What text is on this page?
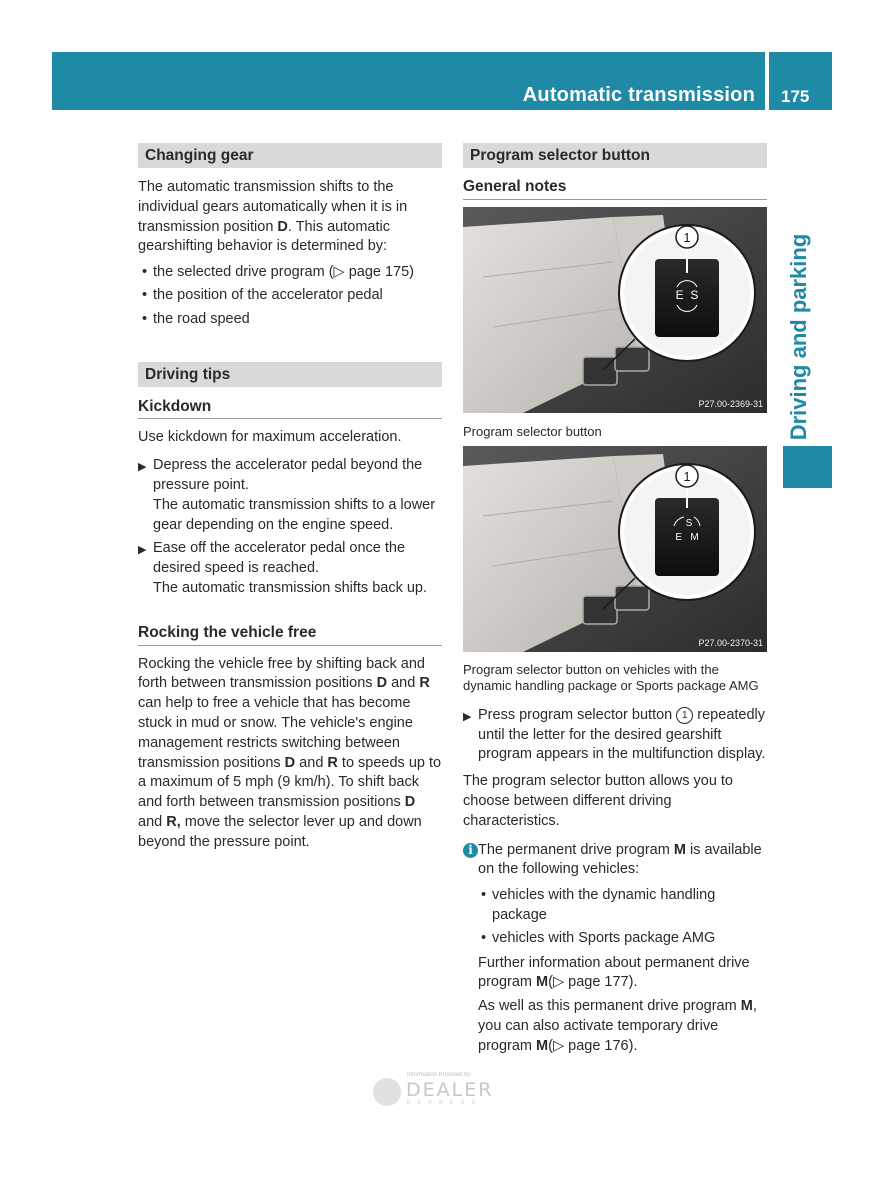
Automatic transmission 175
Driving and parking
Changing gear

The automatic transmission shifts to the individual gears automatically when it is in transmission position D. This automatic gearshifting behavior is determined by:

• the selected drive program (▷ page 175)
• the position of the accelerator pedal
• the road speed
Driving tips
Kickdown

Use kickdown for maximum acceleration.

▶ Depress the accelerator pedal beyond the pressure point.
The automatic transmission shifts to a lower gear depending on the engine speed.
▶ Ease off the accelerator pedal once the desired speed is reached.
The automatic transmission shifts back up.
Rocking the vehicle free

Rocking the vehicle free by shifting back and forth between transmission positions D and R can help to free a vehicle that has become stuck in mud or snow. The vehicle's engine management restricts switching between transmission positions D and R to speeds up to a maximum of 5 mph (9 km/h). To shift back and forth between transmission positions D and R, move the selector lever up and down beyond the pressure point.

Program selector button
General notes
1
E  S
P27.00-2369-31
Program selector button
1
S
E   M
P27.00-2370-31
Program selector button on vehicles with the dynamic handling package or Sports package AMG
▶ Press program selector button 1 repeatedly until the letter for the desired gearshift program appears in the multifunction display.

The program selector button allows you to choose between different driving characteristics.

i The permanent drive program M is available on the following vehicles:
• vehicles with the dynamic handling package
• vehicles with Sports package AMG
Further information about permanent drive program M(▷ page 177).
As well as this permanent drive program M, you can also activate temporary drive program M(▷ page 176).
Information Provided by:
DEALER
E X P R E S S
